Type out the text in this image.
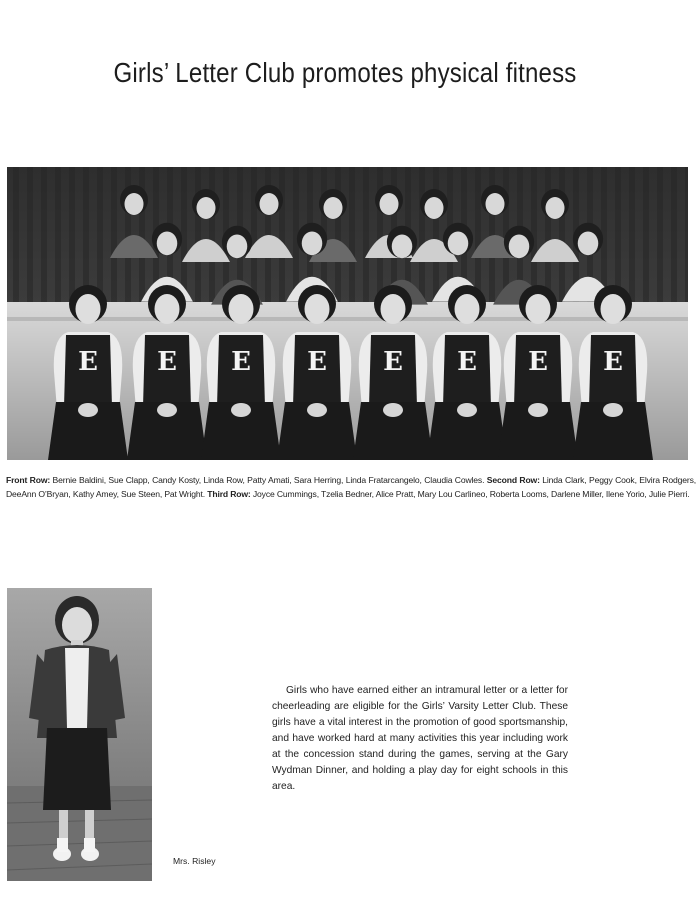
Girls’ Letter Club promotes physical fitness
E E E E E E E E
Front Row: Bernie Baldini, Sue Clapp, Candy Kosty, Linda Row, Patty Amati, Sara Herring, Linda Fratarcangelo, Claudia Cowles. Second Row: Linda Clark, Peggy Cook, Elvira Rodgers, DeeAnn O’Bryan, Kathy Amey, Sue Steen, Pat Wright. Third Row: Joyce Cummings, Tzelia Bedner, Alice Pratt, Mary Lou Carlineo, Roberta Looms, Darlene Miller, Ilene Yorio, Julie Pierri.
Mrs. Risley

Girls who have earned either an intramural letter or a letter for cheerleading are eligible for the Girls’ Varsity Letter Club. These girls have a vital interest in the promotion of good sportsmanship, and have worked hard at many activities this year including work at the concession stand during the games, serving at the Gary Wydman Dinner, and holding a play day for eight schools in this area.
